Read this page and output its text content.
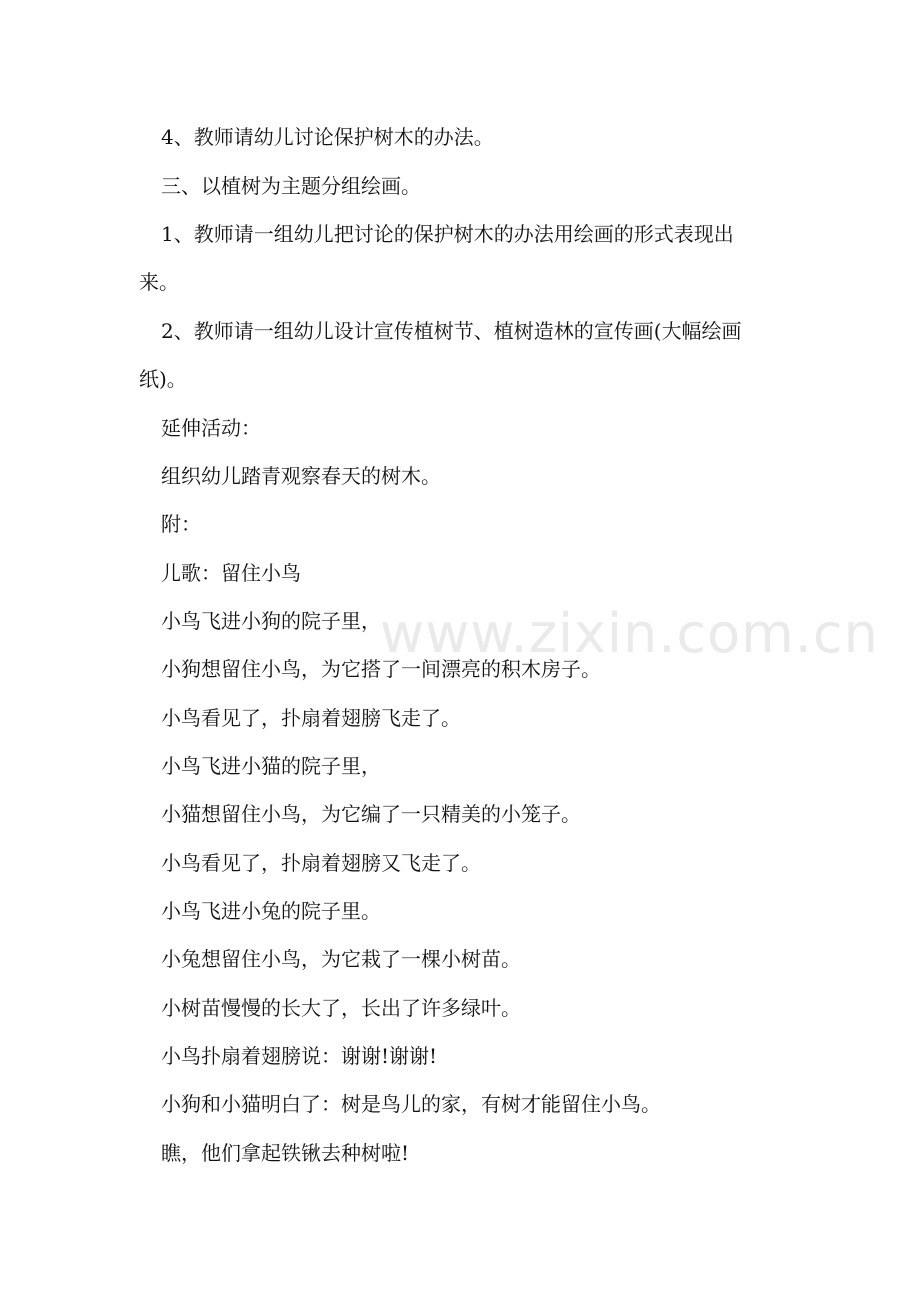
4、教师请幼儿讨论保护树木的办法。
三、以植树为主题分组绘画。
1、教师请一组幼儿把讨论的保护树木的办法用绘画的形式表现出
来。
2、教师请一组幼儿设计宣传植树节、植树造林的宣传画(大幅绘画
纸)。
延伸活动：
组织幼儿踏青观察春天的树木。
附：
儿歌：留住小鸟
小鸟飞进小狗的院子里，
小狗想留住小鸟，为它搭了一间漂亮的积木房子。
小鸟看见了，扑扇着翅膀飞走了。
小鸟飞进小猫的院子里，
小猫想留住小鸟，为它编了一只精美的小笼子。
小鸟看见了，扑扇着翅膀又飞走了。
小鸟飞进小兔的院子里。
小兔想留住小鸟，为它栽了一棵小树苗。
小树苗慢慢的长大了，长出了许多绿叶。
小鸟扑扇着翅膀说：谢谢!谢谢!
小狗和小猫明白了：树是鸟儿的家，有树才能留住小鸟。
瞧，他们拿起铁锹去种树啦!
www.zixin.com.cn
